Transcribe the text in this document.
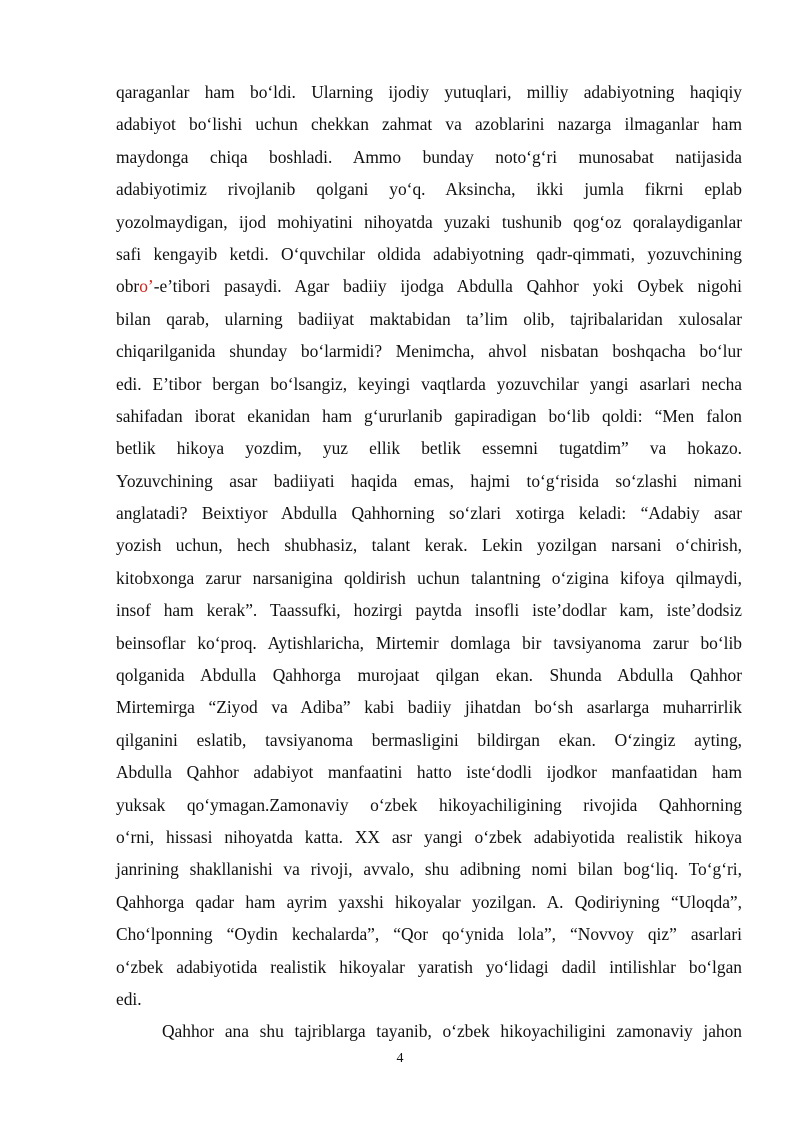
qaraganlar ham bo‘ldi. Ularning ijodiy yutuqlari, milliy adabiyotning haqiqiy
adabiyot bo‘lishi uchun chekkan zahmat va azoblarini nazarga ilmaganlar ham
maydonga chiqa boshladi. Ammo bunday noto‘g‘ri munosabat natijasida
adabiyotimiz rivojlanib qolgani yo‘q. Aksincha, ikki jumla fikrni eplab
yozolmaydigan, ijod mohiyatini nihoyatda yuzaki tushunib qog‘oz qoralaydiganlar
safi kengayib ketdi. O‘quvchilar oldida adabiyotning qadr-qimmati, yozuvchining
obro’-e’tibori pasaydi. Agar badiiy ijodga Abdulla Qahhor yoki Oybek nigohi
bilan qarab, ularning badiiyat maktabidan ta’lim olib, tajribalaridan xulosalar
chiqarilganida shunday bo‘larmidi? Menimcha, ahvol nisbatan boshqacha bo‘lur
edi. E’tibor bergan bo‘lsangiz, keyingi vaqtlarda yozuvchilar yangi asarlari necha
sahifadan iborat ekanidan ham g‘ururlanib gapiradigan bo‘lib qoldi: “Men falon
betlik hikoya yozdim, yuz ellik betlik essemni tugatdim” va hokazo.
Yozuvchining asar badiiyati haqida emas, hajmi to‘g‘risida so‘zlashi nimani
anglatadi? Beixtiyor Abdulla Qahhorning so‘zlari xotirga keladi: “Adabiy asar
yozish uchun, hech shubhasiz, talant kerak. Lekin yozilgan narsani o‘chirish,
kitobxonga zarur narsanigina qoldirish uchun talantning o‘zigina kifoya qilmaydi,
insof ham kerak”. Taassufki, hozirgi paytda insofli iste’dodlar kam, iste’dodsiz
beinsoflar ko‘proq. Aytishlaricha, Mirtemir domlaga bir tavsiyanoma zarur bo‘lib
qolganida Abdulla Qahhorga murojaat qilgan ekan. Shunda Abdulla Qahhor
Mirtemirga “Ziyod va Adiba” kabi badiiy jihatdan bo‘sh asarlarga muharrirlik
qilganini eslatib, tavsiyanoma bermasligini bildirgan ekan. O‘zingiz ayting,
Abdulla Qahhor adabiyot manfaatini hatto iste‘dodli ijodkor manfaatidan ham
yuksak qo‘ymagan.Zamonaviy o‘zbek hikoyachiligining rivojida Qahhorning
o‘rni, hissasi nihoyatda katta. XX asr yangi o‘zbek adabiyotida realistik hikoya
janrining shakllanishi va rivoji, avvalo, shu adibning nomi bilan bog‘liq. To‘g‘ri,
Qahhorga qadar ham ayrim yaxshi hikoyalar yozilgan. A. Qodiriyning “Uloqda”,
Cho‘lponning “Oydin kechalarda”, “Qor qo‘ynida lola”, “Novvoy qiz” asarlari
o‘zbek adabiyotida realistik hikoyalar yaratish yo‘lidagi dadil intilishlar bo‘lgan
edi.
Qahhor ana shu tajriblarga tayanib, o‘zbek hikoyachiligini zamonaviy jahon
4
